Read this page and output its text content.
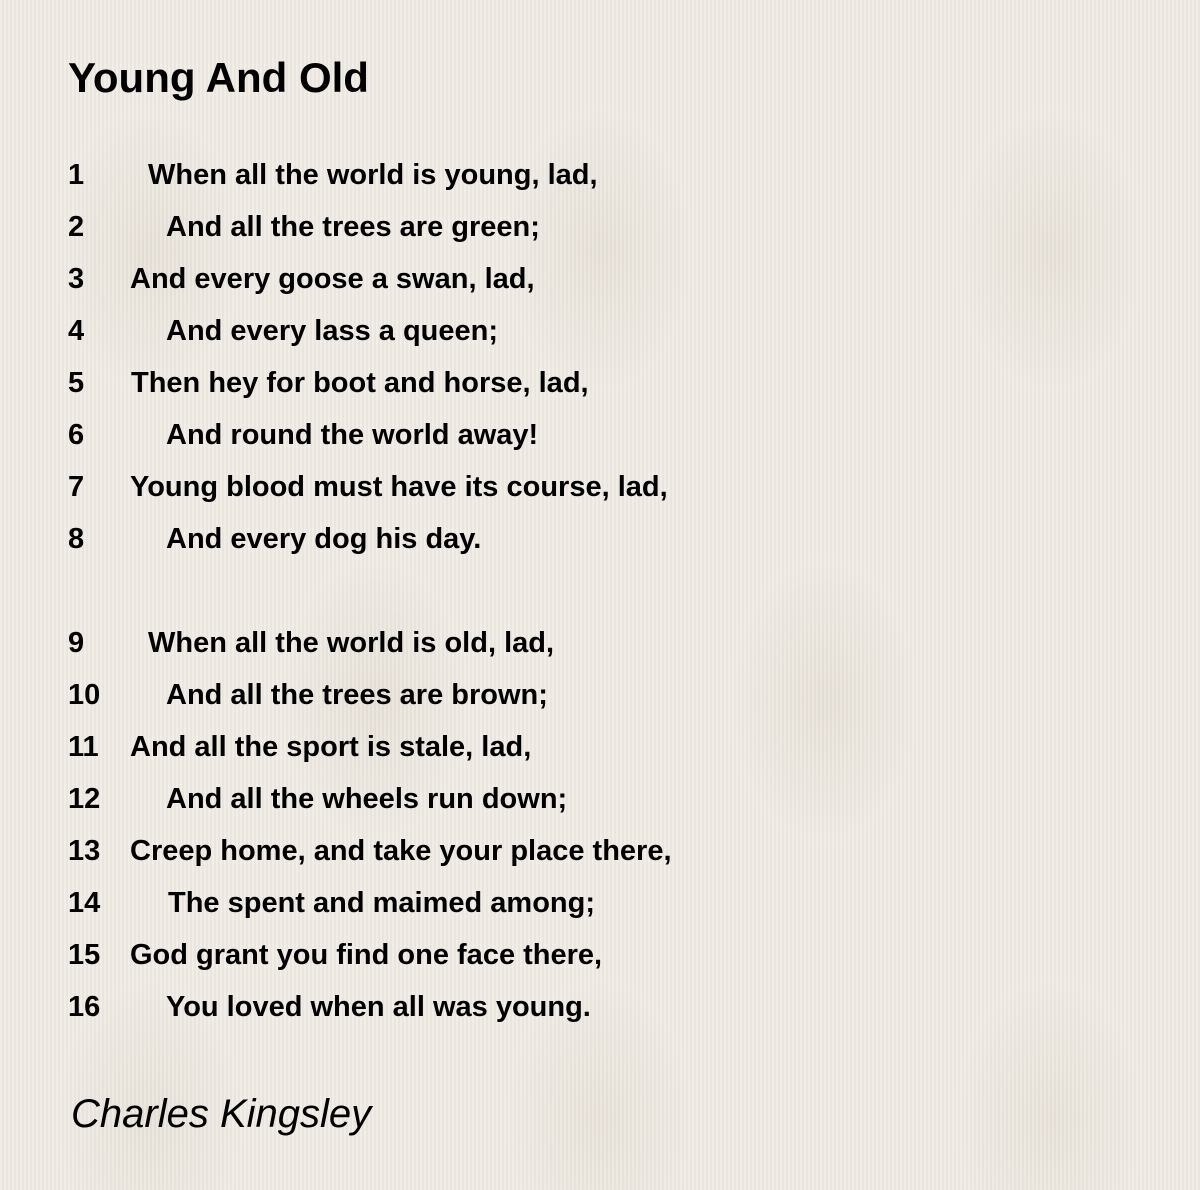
Young And Old
1 When all the world is young, lad,
2	And all the trees are green;
3 And every goose a swan, lad,
4	And every lass a queen;
5 Then hey for boot and horse, lad,
6	And round the world away!
7 Young blood must have its course, lad,
8	And every dog his day.
9 When all the world is old, lad,
10 And all the trees are brown;
11 And all the sport is stale, lad,
12 And all the wheels run down;
13 Creep home, and take your place there,
14 The spent and maimed among;
15 God grant you find one face there,
16 You loved when all was young.
Charles Kingsley
